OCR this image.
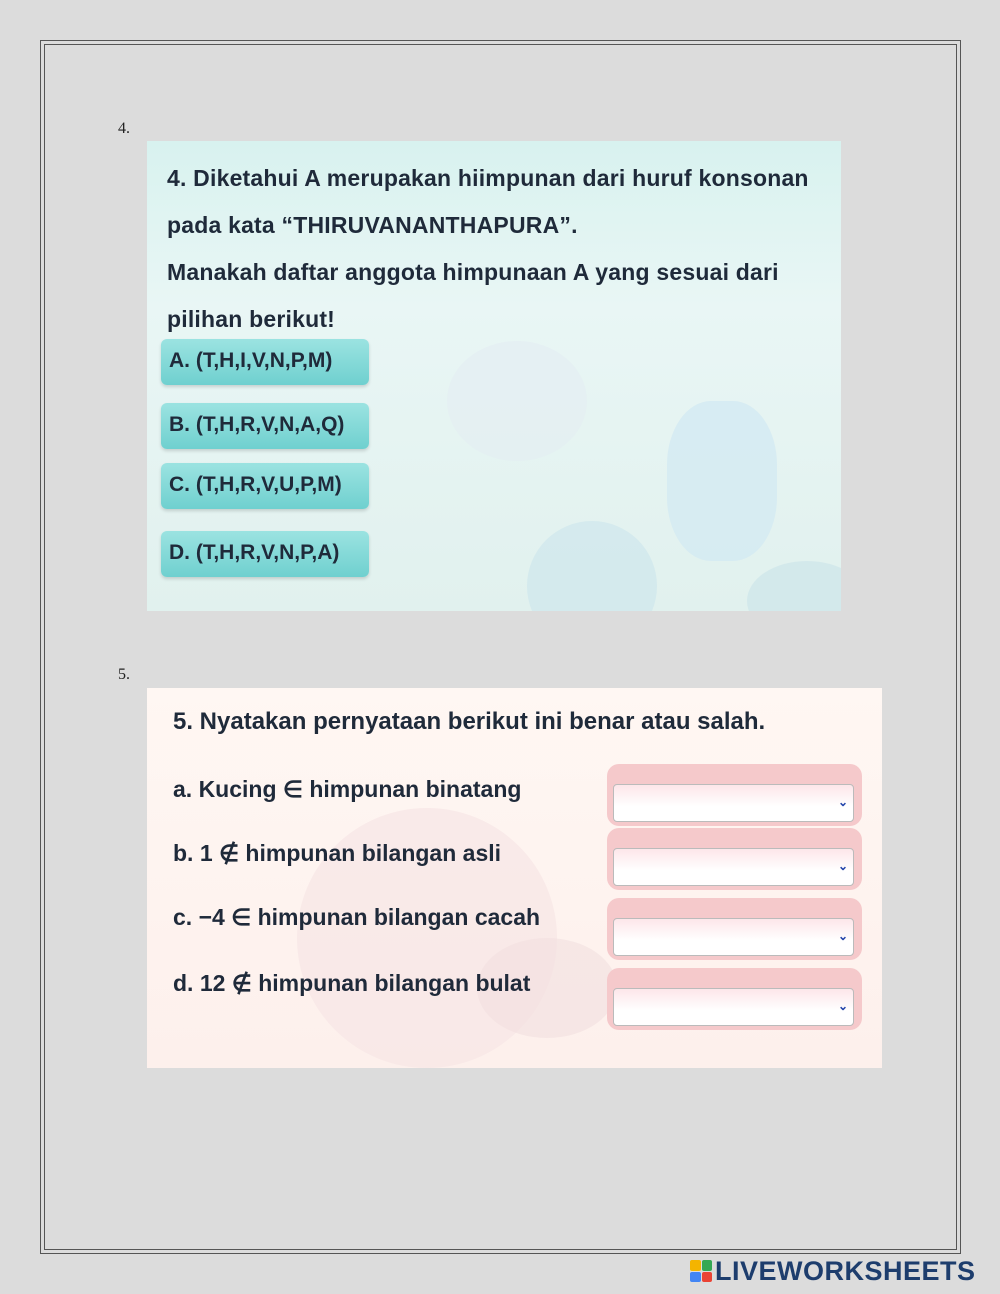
4.
4. Diketahui A merupakan hiimpunan dari huruf konsonan
pada kata “THIRUVANANTHAPURA”.
Manakah daftar anggota himpunaan A yang sesuai dari
pilihan berikut!
A. (T,H,I,V,N,P,M)
B. (T,H,R,V,N,A,Q)
C. (T,H,R,V,U,P,M)
D. (T,H,R,V,N,P,A)
5.
5. Nyatakan pernyataan berikut ini benar atau salah.
a. Kucing ∈ himpunan binatang
b. 1 ∉ himpunan bilangan asli
c. −4 ∈ himpunan bilangan cacah
d. 12 ∉ himpunan bilangan bulat
⌄
⌄
⌄
⌄
LIVEWORKSHEETS
